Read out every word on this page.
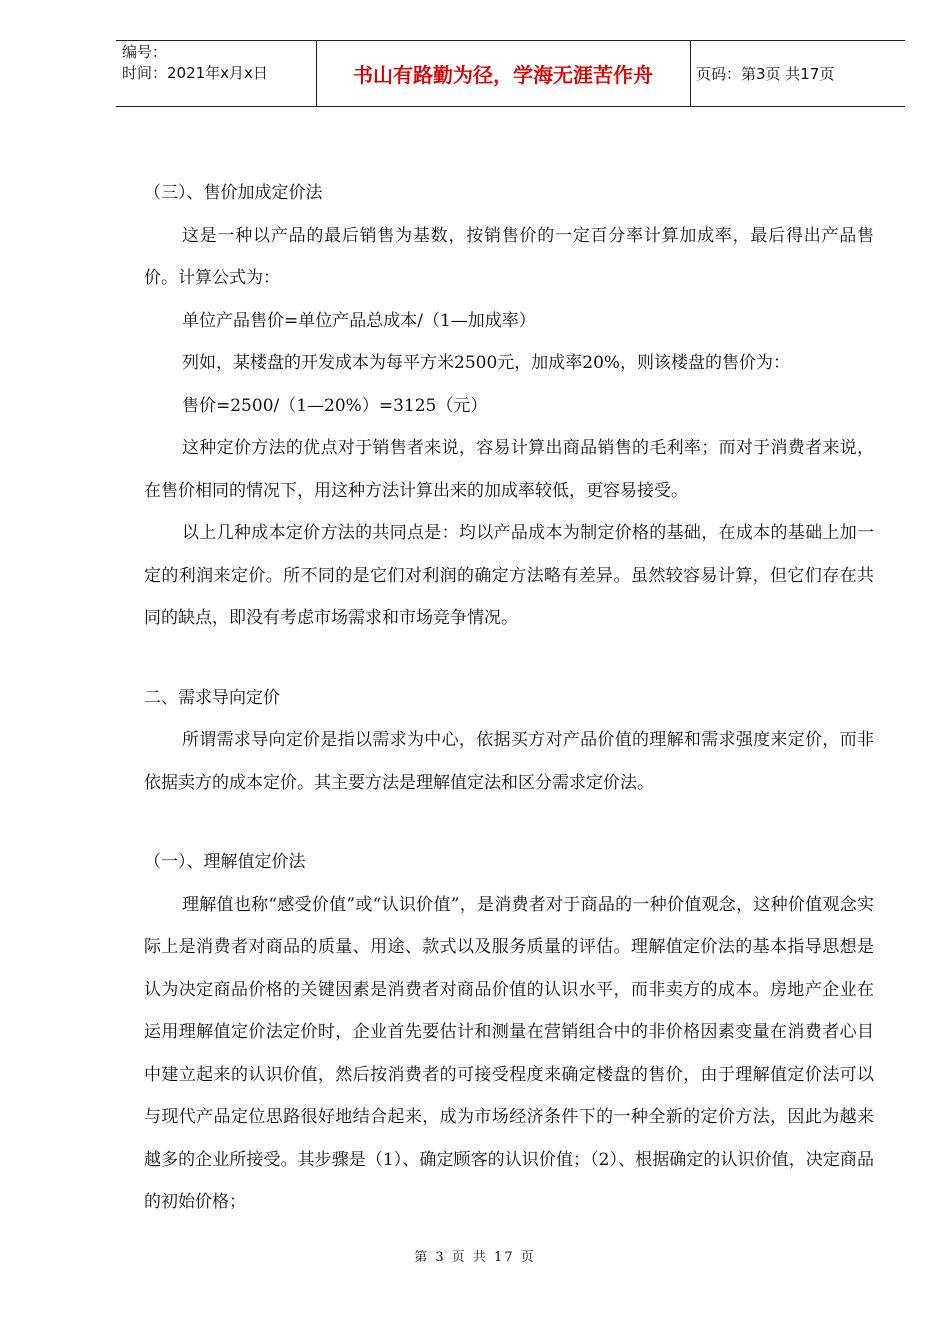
编号：
时间：2021年x月x日	书山有路勤为径，学海无涯苦作舟	页码：第3页 共17页

（三）、售价加成定价法

这是一种以产品的最后销售为基数，按销售价的一定百分率计算加成率，最后得出产品售价。计算公式为：

单位产品售价=单位产品总成本/（1—加成率）

列如，某楼盘的开发成本为每平方米2500元，加成率20%，则该楼盘的售价为：

售价=2500/（1—20%）=3125（元）

这种定价方法的优点对于销售者来说，容易计算出商品销售的毛利率；而对于消费者来说，在售价相同的情况下，用这种方法计算出来的加成率较低，更容易接受。

以上几种成本定价方法的共同点是：均以产品成本为制定价格的基础，在成本的基础上加一定的利润来定价。所不同的是它们对利润的确定方法略有差异。虽然较容易计算，但它们存在共同的缺点，即没有考虑市场需求和市场竞争情况。

二、需求导向定价

所谓需求导向定价是指以需求为中心，依据买方对产品价值的理解和需求强度来定价，而非依据卖方的成本定价。其主要方法是理解值定法和区分需求定价法。

（一）、理解值定价法

理解值也称“感受价值”或“认识价值”，是消费者对于商品的一种价值观念，这种价值观念实际上是消费者对商品的质量、用途、款式以及服务质量的评估。理解值定价法的基本指导思想是认为决定商品价格的关键因素是消费者对商品价值的认识水平，而非卖方的成本。房地产企业在运用理解值定价法定价时，企业首先要估计和测量在营销组合中的非价格因素变量在消费者心目中建立起来的认识价值，然后按消费者的可接受程度来确定楼盘的售价，由于理解值定价法可以与现代产品定位思路很好地结合起来，成为市场经济条件下的一种全新的定价方法，因此为越来越多的企业所接受。其步骤是（1）、确定顾客的认识价值；（2）、根据确定的认识价值，决定商品的初始价格；

第 3 页 共 17 页
